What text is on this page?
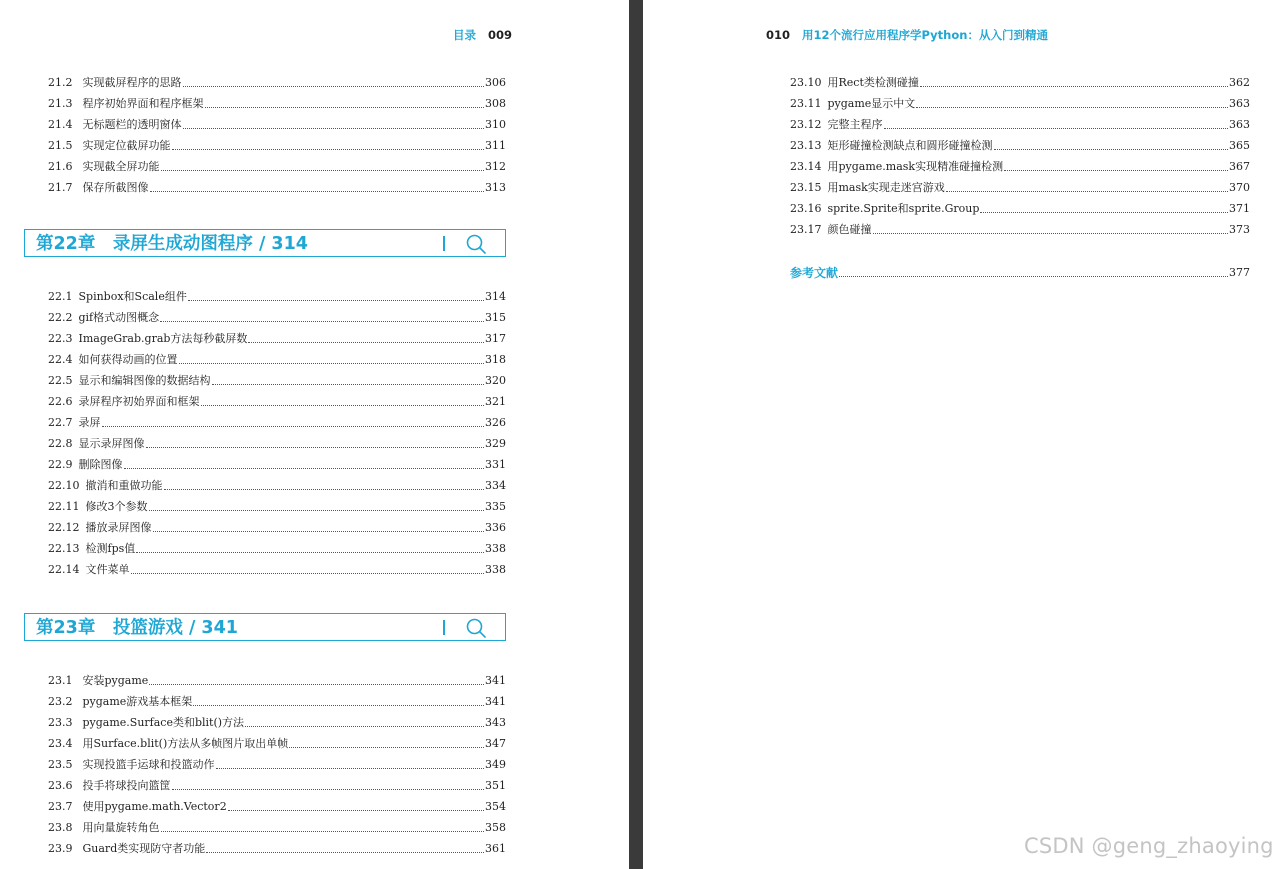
目录 009	010 用12个流行应用程序学Python：从入门到精通
21.2 实现截屏程序的思路	306
21.3 程序初始界面和程序框架	308
21.4 无标题栏的透明窗体	310
21.5 实现定位截屏功能	311
21.6 实现截全屏功能	312
21.7 保存所截图像	313
第22章　录屏生成动图程序 / 314
22.1 Spinbox和Scale组件	314
22.2 gif格式动图概念	315
22.3 ImageGrab.grab方法每秒截屏数	317
22.4 如何获得动画的位置	318
22.5 显示和编辑图像的数据结构	320
22.6 录屏程序初始界面和框架	321
22.7 录屏	326
22.8 显示录屏图像	329
22.9 删除图像	331
22.10 撤消和重做功能	334
22.11 修改3个参数	335
22.12 播放录屏图像	336
22.13 检测fps值	338
22.14 文件菜单	338
第23章　投篮游戏 / 341
23.1 安装pygame	341
23.2 pygame游戏基本框架	341
23.3 pygame.Surface类和blit()方法	343
23.4 用Surface.blit()方法从多帧图片取出单帧	347
23.5 实现投篮手运球和投篮动作	349
23.6 投手将球投向篮筐	351
23.7 使用pygame.math.Vector2	354
23.8 用向量旋转角色	358
23.9 Guard类实现防守者功能	361
23.10 用Rect类检测碰撞	362
23.11 pygame显示中文	363
23.12 完整主程序	363
23.13 矩形碰撞检测缺点和圆形碰撞检测	365
23.14 用pygame.mask实现精准碰撞检测	367
23.15 用mask实现走迷宫游戏	370
23.16 sprite.Sprite和sprite.Group	371
23.17 颜色碰撞	373
参考文献	377
CSDN @geng_zhaoying
